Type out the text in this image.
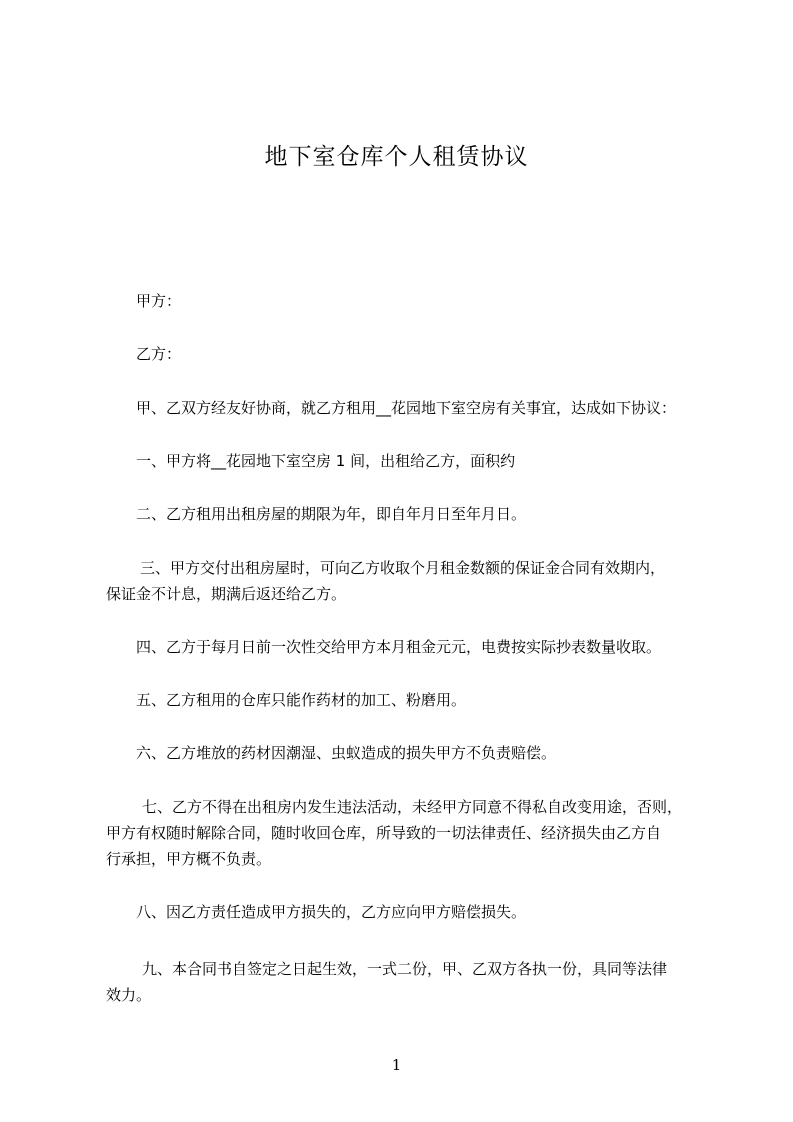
地下室仓库个人租赁协议

甲方：

乙方：

甲、乙双方经友好协商，就乙方租用__花园地下室空房有关事宜，达成如下协议：

一、甲方将__花园地下室空房 1 间，出租给乙方，面积约

二、乙方租用出租房屋的期限为年，即自年月日至年月日。

三、甲方交付出租房屋时，可向乙方收取个月租金数额的保证金合同有效期内，
保证金不计息，期满后返还给乙方。

四、乙方于每月日前一次性交给甲方本月租金元元，电费按实际抄表数量收取。

五、乙方租用的仓库只能作药材的加工、粉磨用。

六、乙方堆放的药材因潮湿、虫蚁造成的损失甲方不负责赔偿。

七、乙方不得在出租房内发生违法活动，未经甲方同意不得私自改变用途，否则，
甲方有权随时解除合同，随时收回仓库，所导致的一切法律责任、经济损失由乙方自
行承担，甲方概不负责。

八、因乙方责任造成甲方损失的，乙方应向甲方赔偿损失。

九、本合同书自签定之日起生效，一式二份，甲、乙双方各执一份，具同等法律
效力。
1
